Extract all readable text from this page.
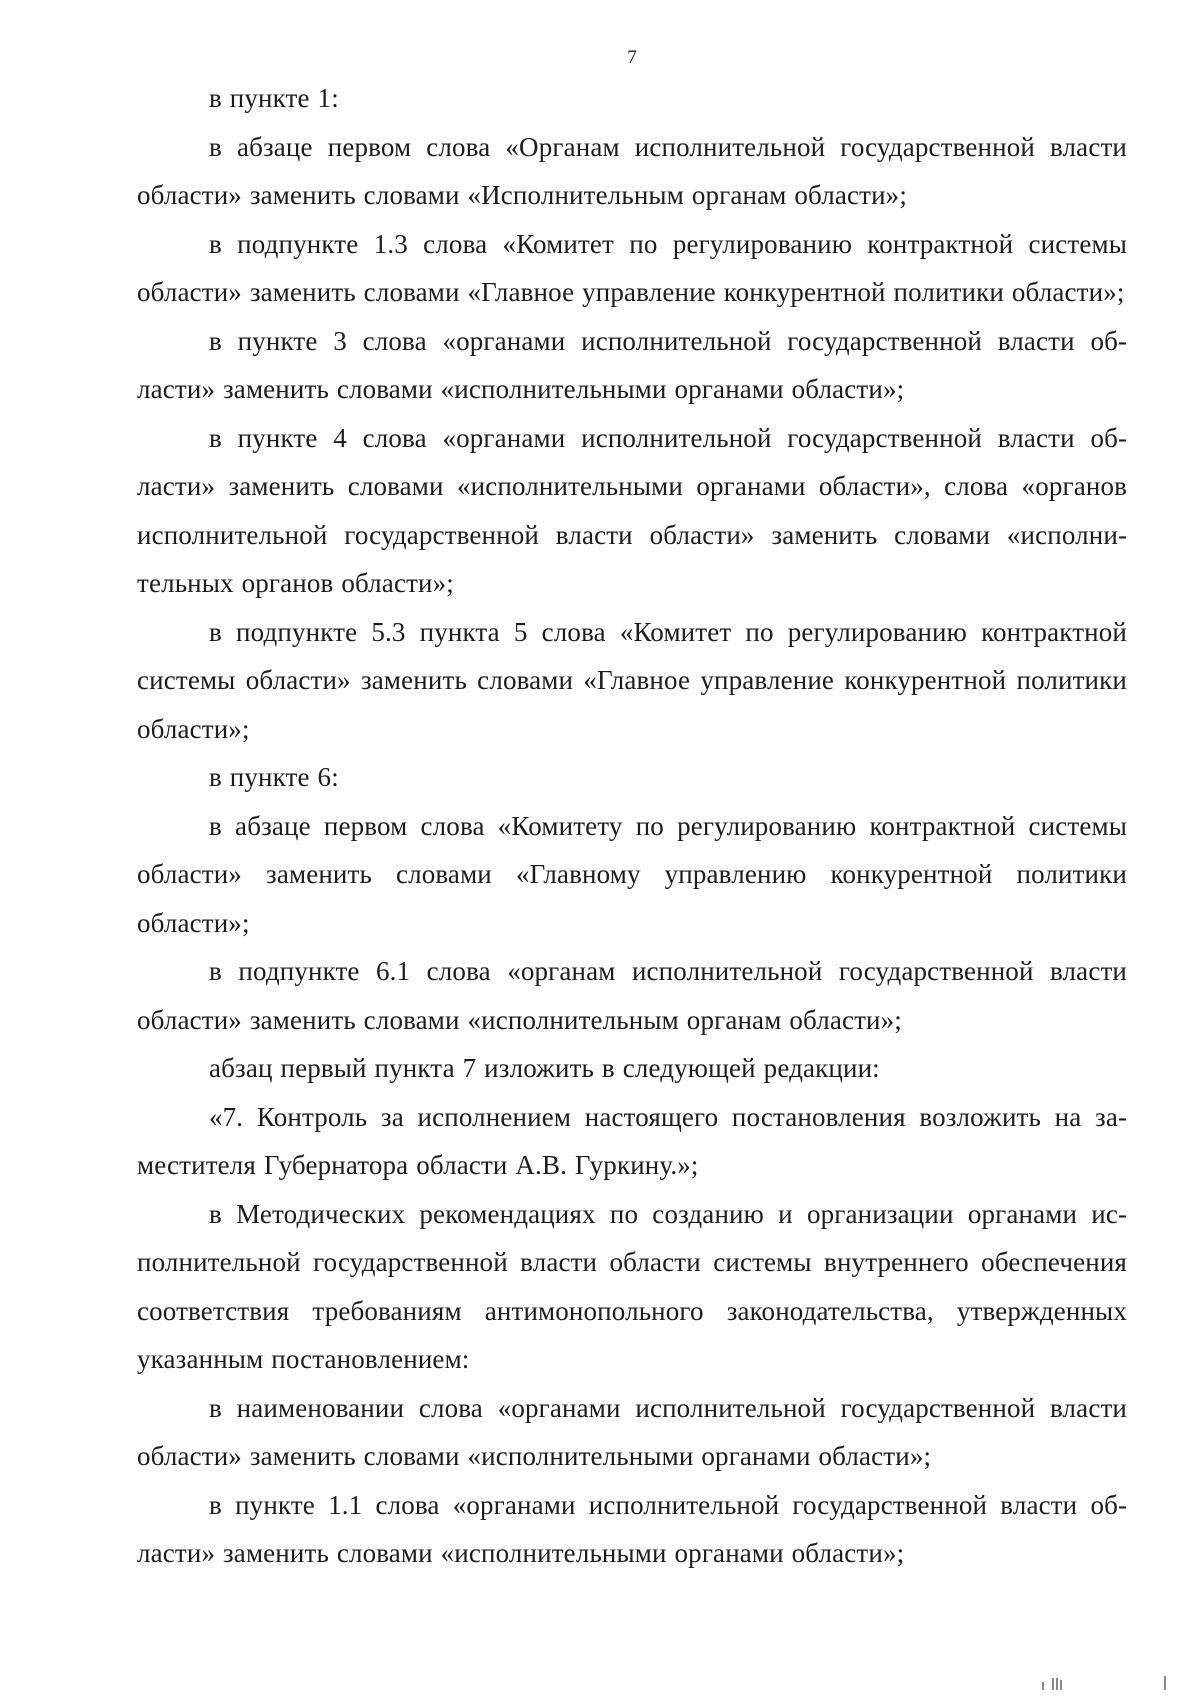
7

в пункте 1:

в абзаце первом слова «Органам исполнительной государственной власти области» заменить словами «Исполнительным органам области»;

в подпункте 1.3 слова «Комитет по регулированию контрактной системы области» заменить словами «Главное управление конкурентной политики области»;

в пункте 3 слова «органами исполнительной государственной власти области» заменить словами «исполнительными органами области»;

в пункте 4 слова «органами исполнительной государственной власти области» заменить словами «исполнительными органами области», слова «органов исполнительной государственной власти области» заменить словами «исполнительных органов области»;

в подпункте 5.3 пункта 5 слова «Комитет по регулированию контрактной системы области» заменить словами «Главное управление конкурентной политики области»;

в пункте 6:

в абзаце первом слова «Комитету по регулированию контрактной системы области» заменить словами «Главному управлению конкурентной политики области»;

в подпункте 6.1 слова «органам исполнительной государственной власти области» заменить словами «исполнительным органам области»;

абзац первый пункта 7 изложить в следующей редакции:

«7. Контроль за исполнением настоящего постановления возложить на заместителя Губернатора области А.В. Гуркину.»;

в Методических рекомендациях по созданию и организации органами исполнительной государственной власти области системы внутреннего обеспечения соответствия требованиям антимонопольного законодательства, утвержденных указанным постановлением:

в наименовании слова «органами исполнительной государственной власти области» заменить словами «исполнительными органами области»;

в пункте 1.1 слова «органами исполнительной государственной власти области» заменить словами «исполнительными органами области»;
